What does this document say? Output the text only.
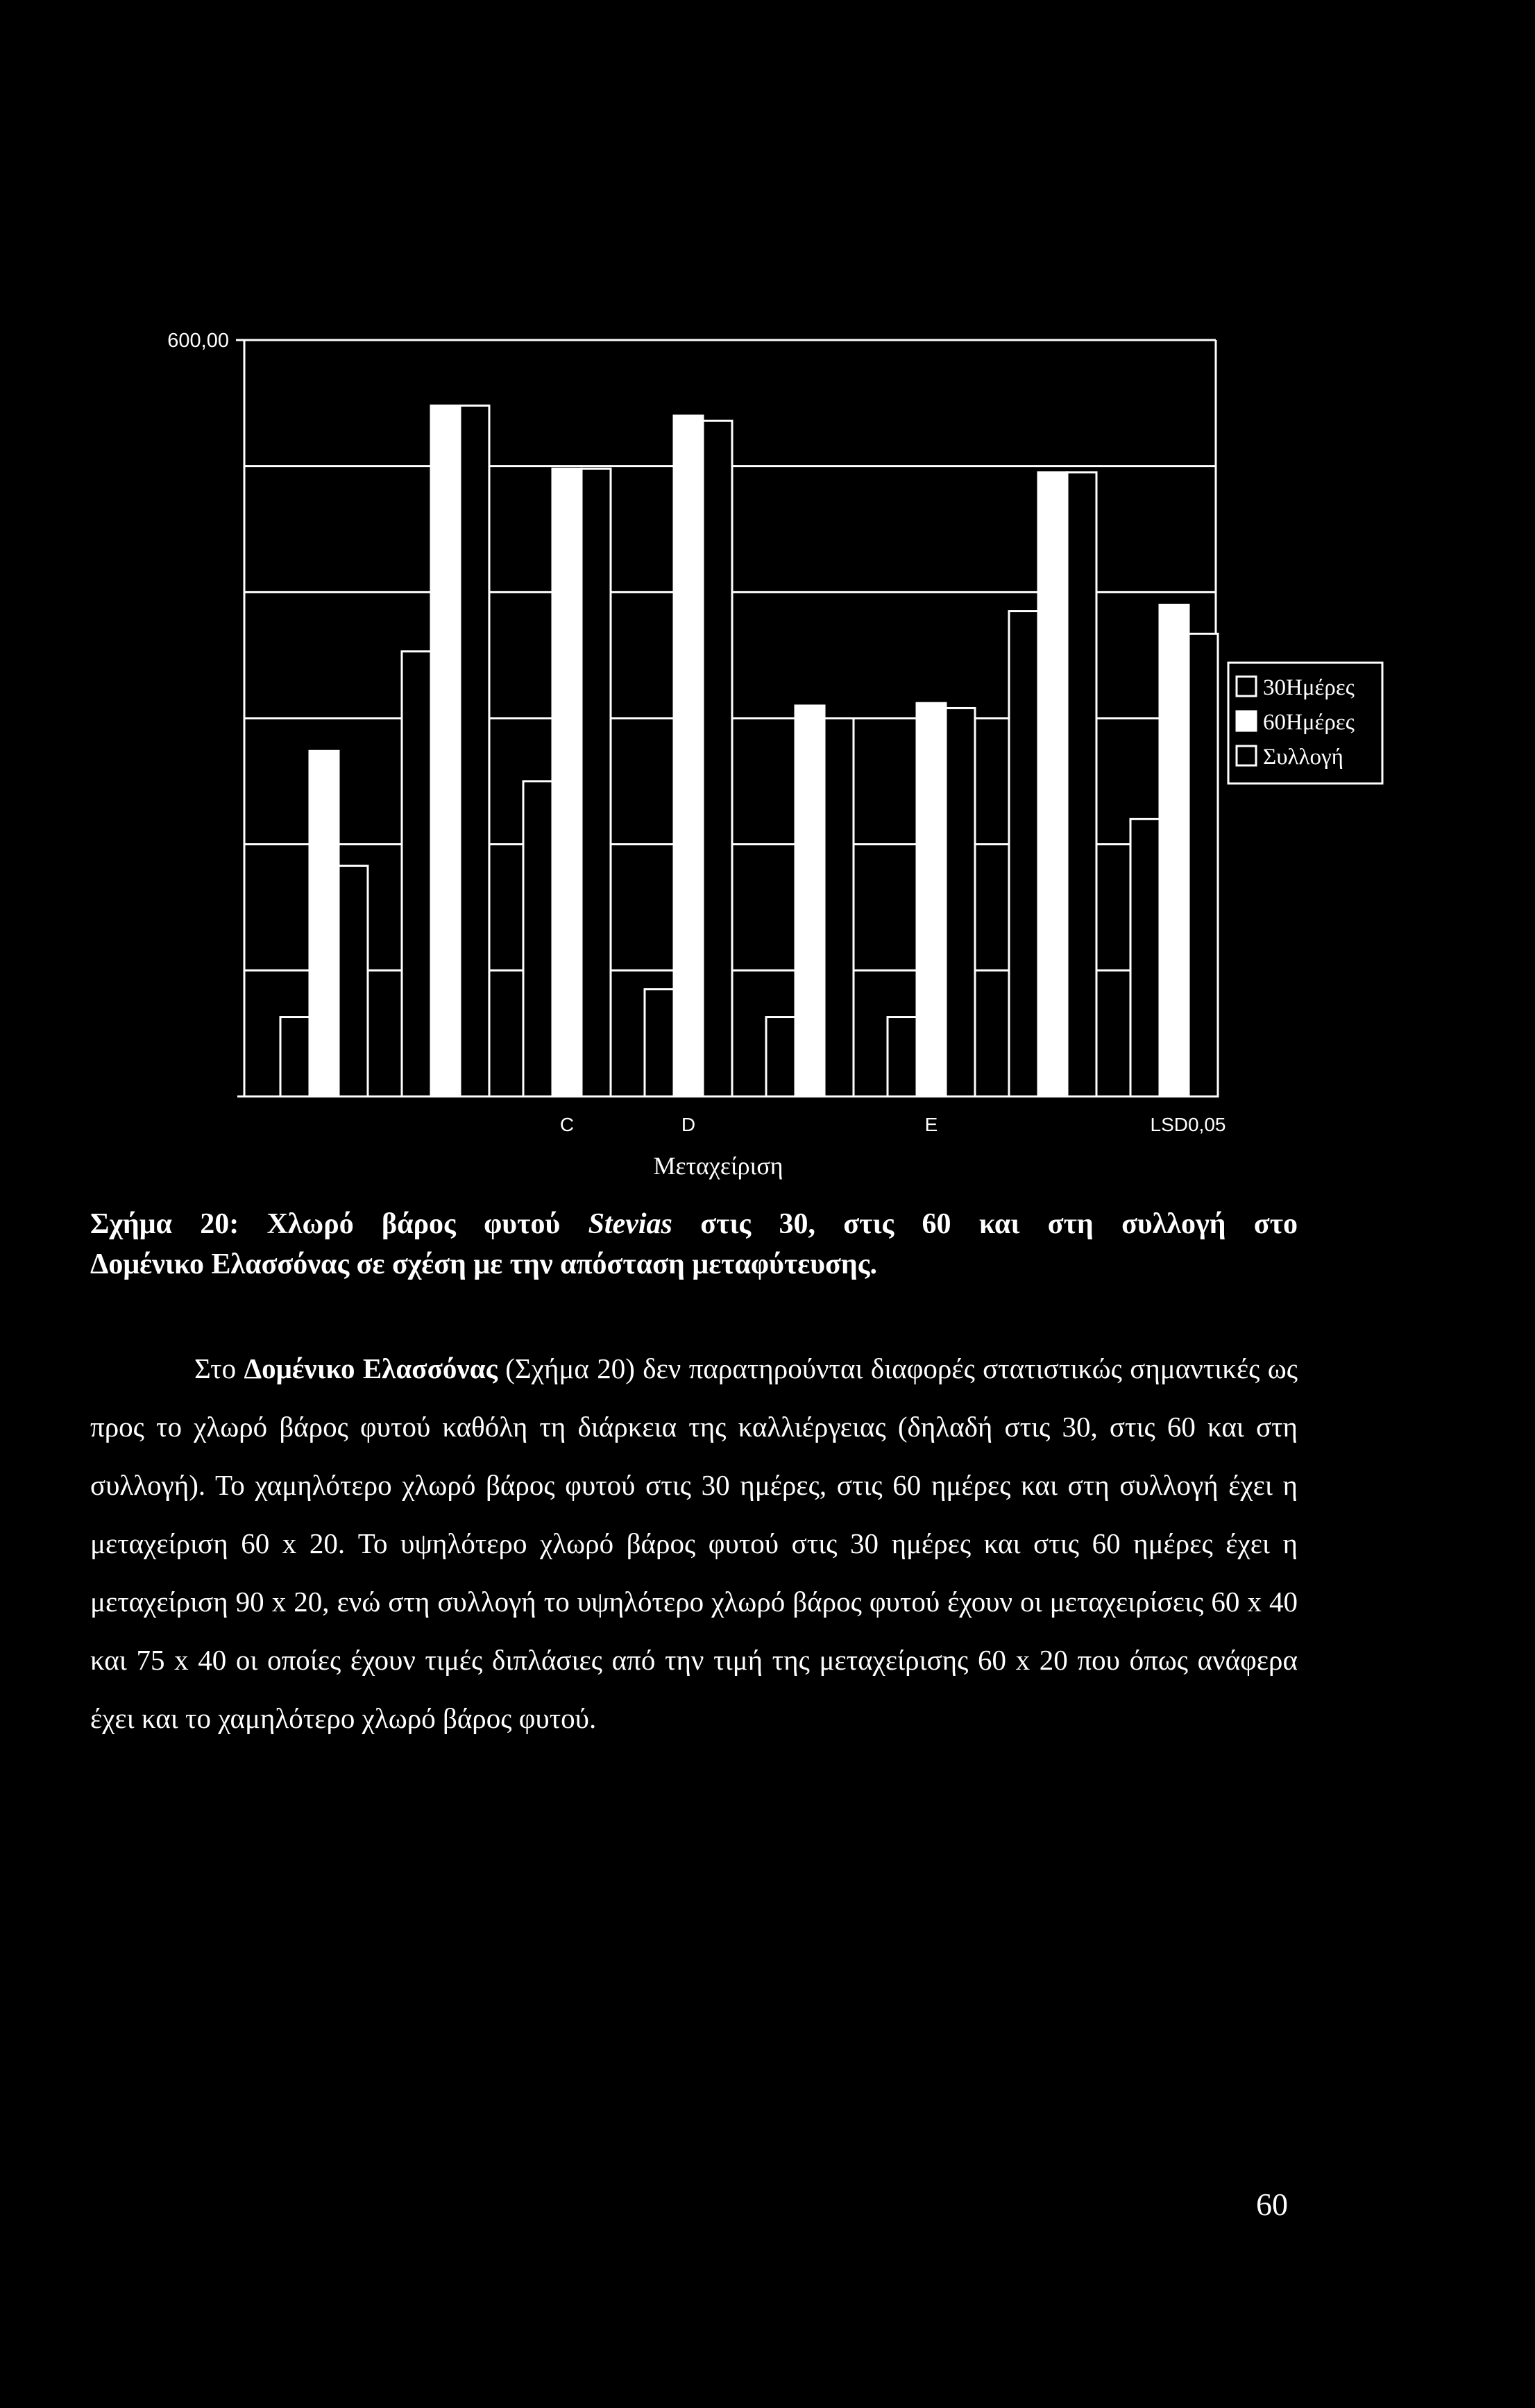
600,00
C	D	E	LSD0,05
Μεταχείριση
30Ημέρες
60Ημέρες
Συλλογή
Σχήμα 20: Χλωρό βάρος φυτού Stevias στις 30, στις 60 και στη συλλογή στο
Δομένικο Ελασσόνας σε σχέση με την απόσταση μεταφύτευσης.
Στο Δομένικο Ελασσόνας (Σχήμα 20) δεν παρατηρούνται διαφορές στατιστικώς σημαντικές ως προς το χλωρό βάρος φυτού καθόλη τη διάρκεια της καλλιέργειας (δηλαδή στις 30, στις 60 και στη συλλογή). Το χαμηλότερο χλωρό βάρος φυτού στις 30 ημέρες, στις 60 ημέρες και στη συλλογή έχει η μεταχείριση 60 x 20. Το υψηλότερο χλωρό βάρος φυτού στις 30 ημέρες και στις 60 ημέρες έχει η μεταχείριση 90 x 20, ενώ στη συλλογή το υψηλότερο χλωρό βάρος φυτού έχουν οι μεταχειρίσεις 60 x 40 και 75 x 40 οι οποίες έχουν τιμές διπλάσιες από την τιμή της μεταχείρισης 60 x 20 που όπως ανάφερα έχει και το χαμηλότερο χλωρό βάρος φυτού.
60
